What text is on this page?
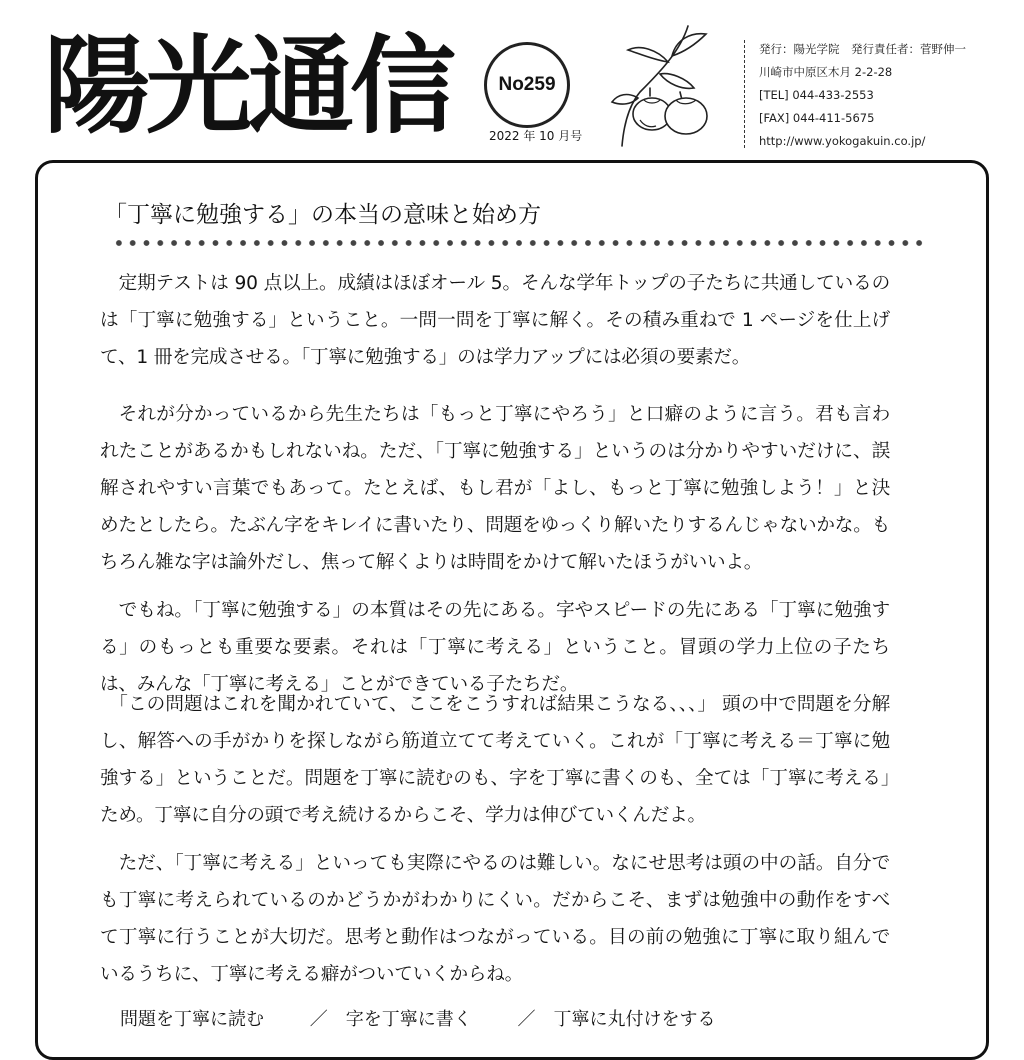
陽光通信	No259
2022 年 10 月号
発行：陽光学院　発行責任者：菅野伸一
川崎市中原区木月 2-2-28
[TEL] 044-433-2553
[FAX] 044-411-5675
http://www.yokogakuin.co.jp/
「丁寧に勉強する」の本当の意味と始め方

定期テストは 90 点以上。成績はほぼオール 5。そんな学年トップの子たちに共通しているのは「丁寧に勉強する」ということ。一問一問を丁寧に解く。その積み重ねで 1 ページを仕上げて、1 冊を完成させる。「丁寧に勉強する」のは学力アップには必須の要素だ。

それが分かっているから先生たちは「もっと丁寧にやろう」と口癖のように言う。君も言われたことがあるかもしれないね。ただ、「丁寧に勉強する」というのは分かりやすいだけに、誤解されやすい言葉でもあって。たとえば、もし君が「よし、もっと丁寧に勉強しよう！」と決めたとしたら。たぶん字をキレイに書いたり、問題をゆっくり解いたりするんじゃないかな。もちろん雑な字は論外だし、焦って解くよりは時間をかけて解いたほうがいいよ。

でもね。「丁寧に勉強する」の本質はその先にある。字やスピードの先にある「丁寧に勉強する」のもっとも重要な要素。それは「丁寧に考える」ということ。冒頭の学力上位の子たちは、みんな「丁寧に考える」ことができている子たちだ。

「この問題はこれを聞かれていて、ここをこうすれば結果こうなる、、、」 頭の中で問題を分解し、解答への手がかりを探しながら筋道立てて考えていく。これが「丁寧に考える＝丁寧に勉強する」ということだ。問題を丁寧に読むのも、字を丁寧に書くのも、全ては「丁寧に考える」ため。丁寧に自分の頭で考え続けるからこそ、学力は伸びていくんだよ。

ただ、「丁寧に考える」といっても実際にやるのは難しい。なにせ思考は頭の中の話。自分でも丁寧に考えられているのかどうかがわかりにくい。だからこそ、まずは勉強中の動作をすべて丁寧に行うことが大切だ。思考と動作はつながっている。目の前の勉強に丁寧に取り組んでいるうちに、丁寧に考える癖がついていくからね。

問題を丁寧に読む	／　字を丁寧に書く	／　丁寧に丸付けをする
